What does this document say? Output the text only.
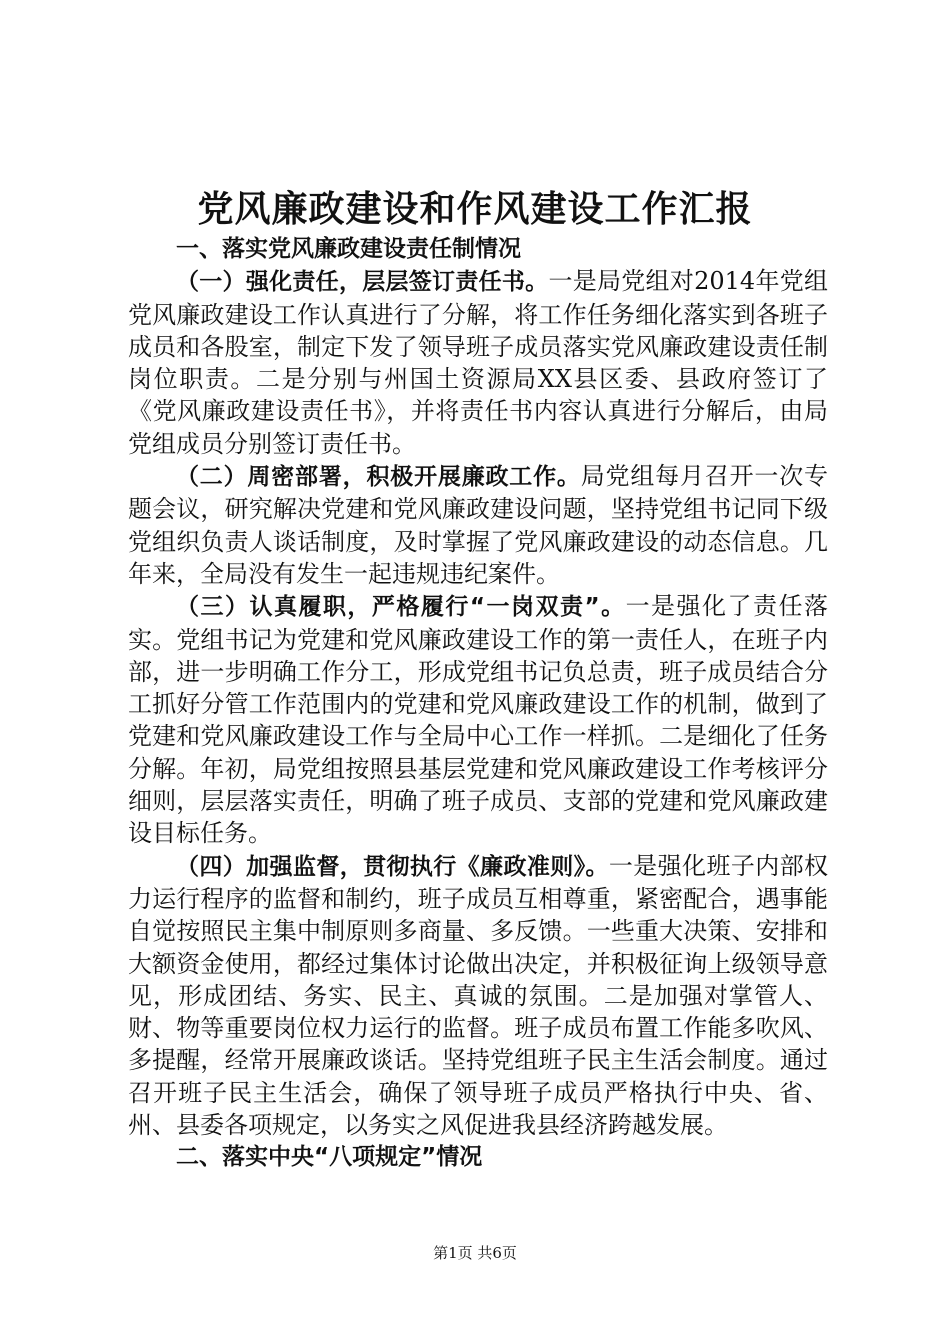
党风廉政建设和作风建设工作汇报

一、落实党风廉政建设责任制情况

（一）强化责任，层层签订责任书。一是局党组对2014年党组党风廉政建设工作认真进行了分解，将工作任务细化落实到各班子成员和各股室，制定下发了领导班子成员落实党风廉政建设责任制岗位职责。二是分别与州国土资源局XX县区委、县政府签订了《党风廉政建设责任书》，并将责任书内容认真进行分解后，由局党组成员分别签订责任书。

（二）周密部署，积极开展廉政工作。局党组每月召开一次专题会议，研究解决党建和党风廉政建设问题，坚持党组书记同下级党组织负责人谈话制度，及时掌握了党风廉政建设的动态信息。几年来，全局没有发生一起违规违纪案件。

（三）认真履职，严格履行“一岗双责”。一是强化了责任落实。党组书记为党建和党风廉政建设工作的第一责任人，在班子内部，进一步明确工作分工，形成党组书记负总责，班子成员结合分工抓好分管工作范围内的党建和党风廉政建设工作的机制，做到了党建和党风廉政建设工作与全局中心工作一样抓。二是细化了任务分解。年初，局党组按照县基层党建和党风廉政建设工作考核评分细则，层层落实责任，明确了班子成员、支部的党建和党风廉政建设目标任务。

（四）加强监督，贯彻执行《廉政准则》。一是强化班子内部权力运行程序的监督和制约，班子成员互相尊重，紧密配合，遇事能自觉按照民主集中制原则多商量、多反馈。一些重大决策、安排和大额资金使用，都经过集体讨论做出决定，并积极征询上级领导意见，形成团结、务实、民主、真诚的氛围。二是加强对掌管人、财、物等重要岗位权力运行的监督。班子成员布置工作能多吹风、多提醒，经常开展廉政谈话。坚持党组班子民主生活会制度。通过召开班子民主生活会，确保了领导班子成员严格执行中央、省、州、县委各项规定，以务实之风促进我县经济跨越发展。

二、落实中央“八项规定”情况

第1页 共6页
